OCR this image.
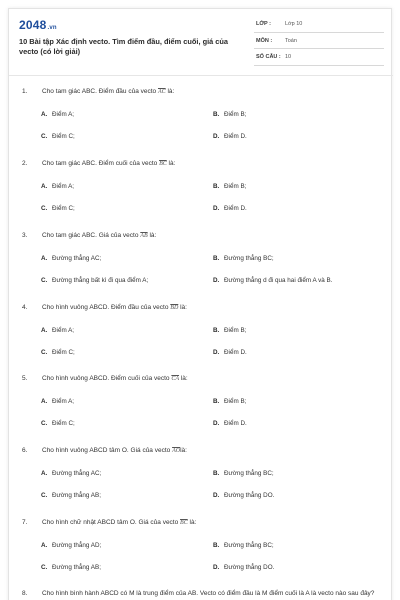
2048.vn
10 Bài tập Xác định vecto. Tìm điểm đầu, điểm cuối, giá của vecto (có lời giải)
LỚP :	Lớp 10
MÔN : Toán
SỐ CÂU : 10
1. Cho tam giác ABC. Điểm đầu của vecto $\overline{AC}$ là:
A. Điểm A;	B. Điểm B;
C. Điểm C;	D. Điểm D.
2. Cho tam giác ABC. Điểm cuối của vecto $\overline{BC}$ là:
A. Điểm A;	B. Điểm B;
C. Điểm C;	D. Điểm D.
3. Cho tam giác ABC. Giá của vecto $\overline{AB}$ là:
A. Đường thẳng AC;	B. Đường thẳng BC;
C. Đường thẳng bất kì đi qua điểm A;	D. Đường thẳng d đi qua hai điểm A và B.
4. Cho hình vuông ABCD. Điểm đầu của vecto $\overline{BD}$ là:
A. Điểm A;	B. Điểm B;
C. Điểm C;	D. Điểm D.
5. Cho hình vuông ABCD. Điểm cuối của vecto $\overline{CA}$ là:
A. Điểm A;	B. Điểm B;
C. Điểm C;	D. Điểm D.
6. Cho hình vuông ABCD tâm O. Giá của vecto $\overline{AO}là$:
A. Đường thẳng AC;	B. Đường thẳng BC;
C. Đường thẳng AB;	D. Đường thẳng DO.
7. Cho hình chữ nhật ABCD tâm O. Giá của vecto $\overline{BC}$ là:
A. Đường thẳng AD;	B. Đường thẳng BC;
C. Đường thẳng AB;	D. Đường thẳng DO.
8.	Cho hình bình hành ABCD có M là trung điểm của AB. Vecto có điểm đầu là M điểm cuối là A là vecto nào sau đây?
